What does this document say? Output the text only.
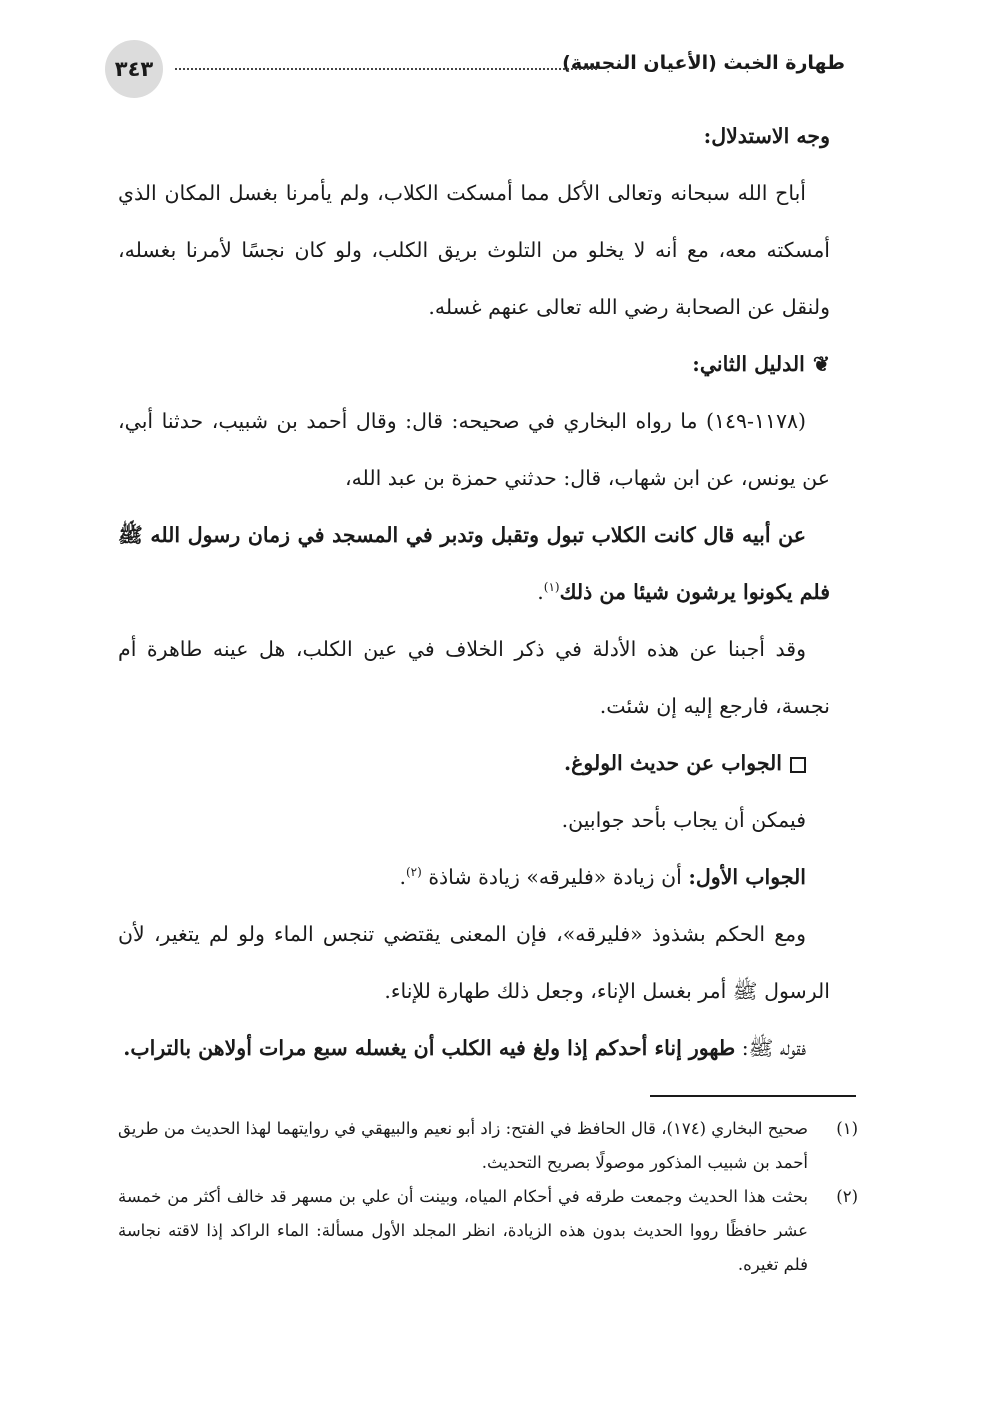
طهارة الخبث (الأعيان النجسة)
٣٤٣

وجه الاستدلال:

أباح الله سبحانه وتعالى الأكل مما أمسكت الكلاب، ولم يأمرنا بغسل المكان الذي أمسكته معه، مع أنه لا يخلو من التلوث بريق الكلب، ولو كان نجسًا لأمرنا بغسله، ولنقل عن الصحابة رضي الله تعالى عنهم غسله.

❦الدليل الثاني:

(١١٧٨-١٤٩) ما رواه البخاري في صحيحه: قال: وقال أحمد بن شبيب، حدثنا أبي، عن يونس، عن ابن شهاب، قال: حدثني حمزة بن عبد الله،

عن أبيه قال كانت الكلاب تبول وتقبل وتدبر في المسجد في زمان رسول الله ﷺ فلم يكونوا يرشون شيئا من ذلك$^{(١)}$.

وقد أجبنا عن هذه الأدلة في ذكر الخلاف في عين الكلب، هل عينه طاهرة أم نجسة، فارجع إليه إن شئت.

الجواب عن حديث الولوغ.

فيمكن أن يجاب بأحد جوابين.

الجواب الأول: أن زيادة «فليرقه» زيادة شاذة $^{(٢)}$.

ومع الحكم بشذوذ «فليرقه»، فإن المعنى يقتضي تنجس الماء ولو لم يتغير، لأن الرسول ﷺ أمر بغسل الإناء، وجعل ذلك طهارة للإناء.

فقوله ﷺ: طهور إناء أحدكم إذا ولغ فيه الكلب أن يغسله سبع مرات أولاهن بالتراب.

(١)
صحيح البخاري (١٧٤)، قال الحافظ في الفتح: زاد أبو نعيم والبيهقي في روايتهما لهذا الحديث من طريق أحمد بن شبيب المذكور موصولًا بصريح التحديث.

(٢)
بحثت هذا الحديث وجمعت طرقه في أحكام المياه، وبينت أن علي بن مسهر قد خالف أكثر من خمسة عشر حافظًا رووا الحديث بدون هذه الزيادة، انظر المجلد الأول مسألة: الماء الراكد إذا لاقته نجاسة فلم تغيره.
